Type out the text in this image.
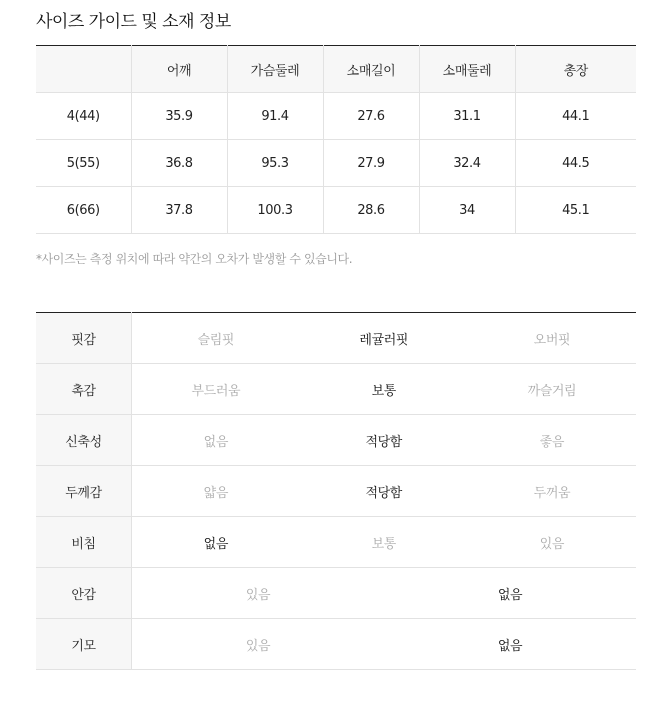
사이즈 가이드 및 소재 정보
	어깨	가슴둘레	소매길이	소매둘레	총장
4(44)	35.9	91.4	27.6	31.1	44.1
5(55)	36.8	95.3	27.9	32.4	44.5
6(66)	37.8	100.3	28.6	34	45.1

*사이즈는 측정 위치에 따라 약간의 오차가 발생할 수 있습니다.

핏감	슬림핏	레귤러핏	오버핏
촉감	부드러움	보통	까슬거림
신축성	없음	적당함	좋음
두께감	얇음	적당함	두꺼움
비침	없음	보통	있음
안감	있음 없음		

기모	있음 없음		
